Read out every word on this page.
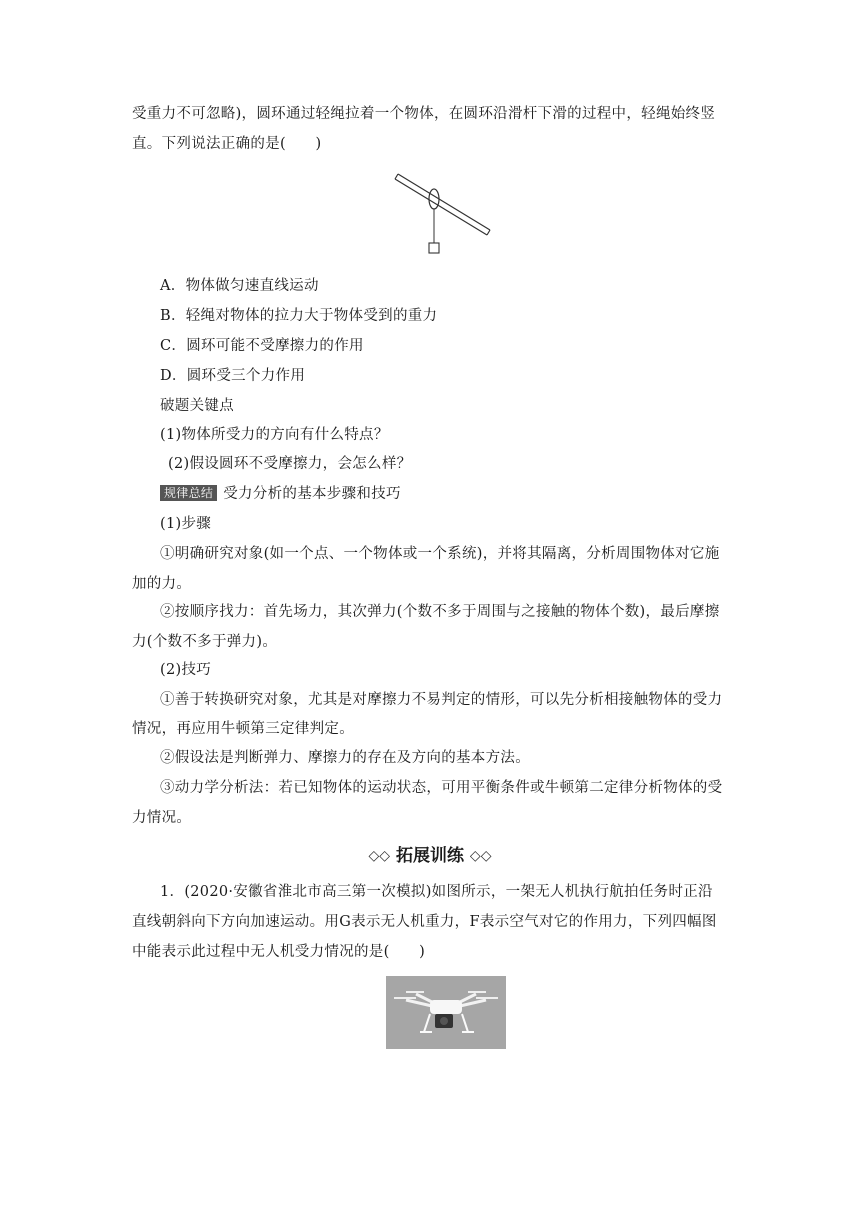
受重力不可忽略)，圆环通过轻绳拉着一个物体，在圆环沿滑杆下滑的过程中，轻绳始终竖
直。下列说法正确的是(　　)
A．物体做匀速直线运动
B．轻绳对物体的拉力大于物体受到的重力
C．圆环可能不受摩擦力的作用
D．圆环受三个力作用
破题关键点
(1)物体所受力的方向有什么特点？
(2)假设圆环不受摩擦力，会怎么样？
规律总结 受力分析的基本步骤和技巧
(1)步骤
①明确研究对象(如一个点、一个物体或一个系统)，并将其隔离，分析周围物体对它施
加的力。
②按顺序找力：首先场力，其次弹力(个数不多于周围与之接触的物体个数)，最后摩擦
力(个数不多于弹力)。
(2)技巧
①善于转换研究对象，尤其是对摩擦力不易判定的情形，可以先分析相接触物体的受力
情况，再应用牛顿第三定律判定。
②假设法是判断弹力、摩擦力的存在及方向的基本方法。
③动力学分析法：若已知物体的运动状态，可用平衡条件或牛顿第二定律分析物体的受
力情况。
◇◇ 拓展训练 ◇◇
1．(2020·安徽省淮北市高三第一次模拟)如图所示，一架无人机执行航拍任务时正沿
直线朝斜向下方向加速运动。用G表示无人机重力，F表示空气对它的作用力，下列四幅图
中能表示此过程中无人机受力情况的是(　　)
